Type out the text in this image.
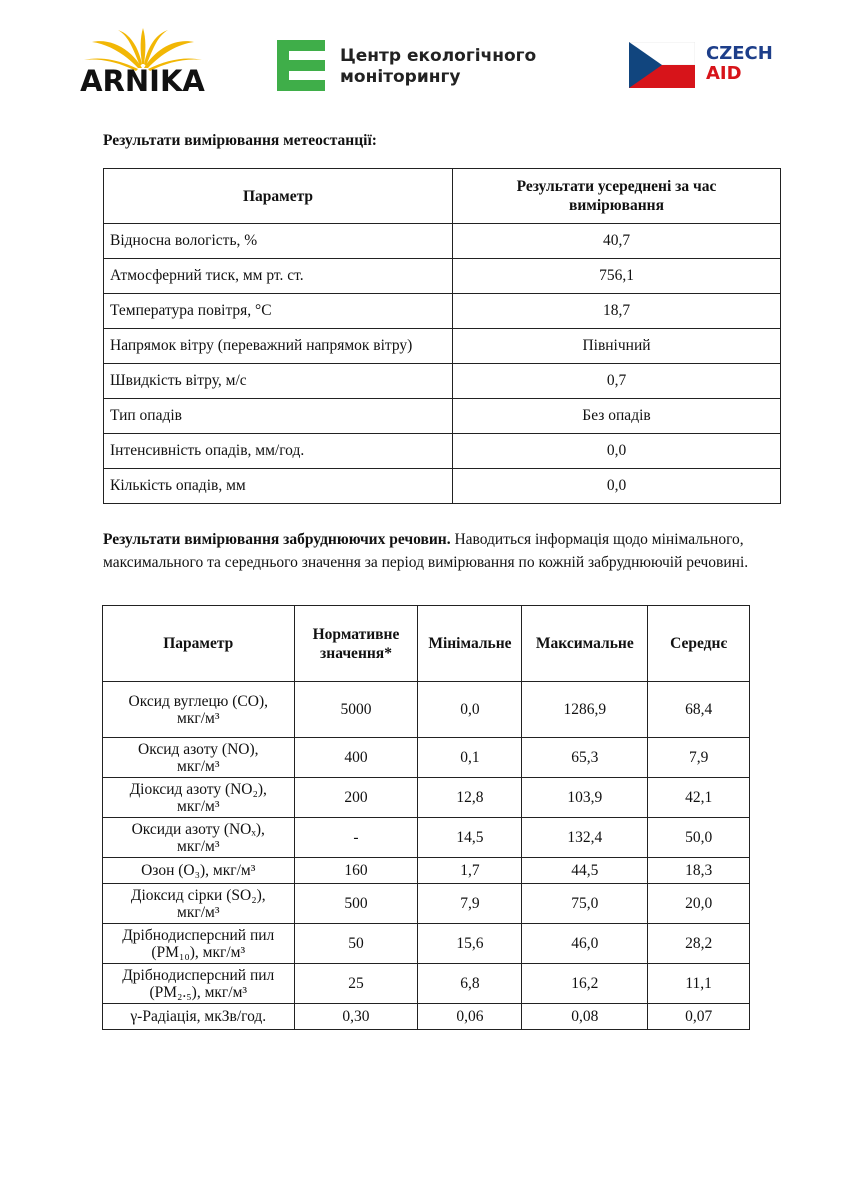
ARNIKA
Центр екологічного
моніторингу
CZECH
AID
Результати вимірювання метеостанції:
Параметр	Результати усереднені за час вимірювання
Відносна вологість, %	40,7
Атмосферний тиск, мм рт. ст.	756,1
Температура повітря, °C	18,7
Напрямок вітру (переважний напрямок вітру)	Північний
Швидкість вітру, м/с	0,7
Тип опадів	Без опадів
Інтенсивність опадів, мм/год.	0,0
Кількість опадів, мм	0,0
Результати вимірювання забруднюючих речовин. Наводиться інформація щодо мінімального, максимального та середнього значення за період вимірювання по кожній забруднюючій речовині.
Параметр	Нормативне значення*	Мінімальне	Максимальне	Середнє

Оксид вуглецю (CO),
мкг/м³	5000	0,0	1286,9	68,4

Оксид азоту (NO),
мкг/м³	400	0,1	65,3	7,9

Діоксид азоту (NO₂),
мкг/м³	200	12,8	103,9	42,1

Оксиди азоту (NOₓ),
мкг/м³	-	14,5	132,4	50,0

Озон (O₃), мкг/м³	160	1,7	44,5	18,3

Діоксид сірки (SO₂),
мкг/м³	500	7,9	75,0	20,0

Дрібнодисперсний пил
(PM₁₀), мкг/м³	50	15,6	46,0	28,2

Дрібнодисперсний пил
(PM₂.₅), мкг/м³	25	6,8	16,2	11,1

γ-Радіація, мкЗв/год.	0,30	0,06	0,08	0,07
